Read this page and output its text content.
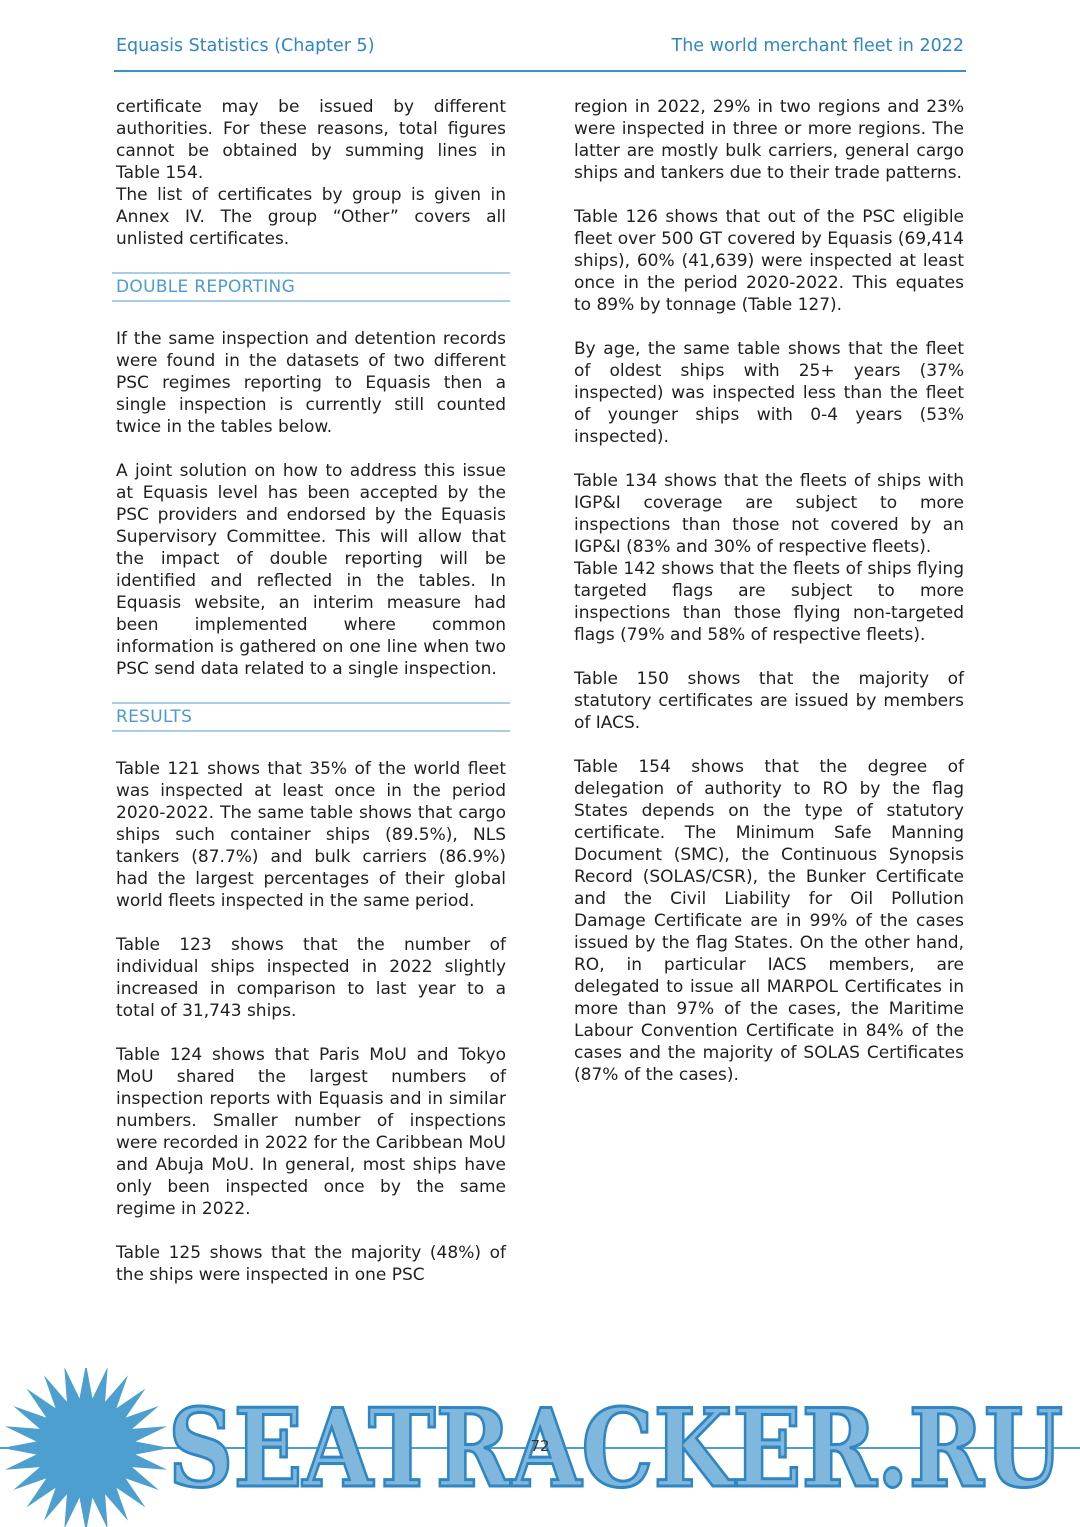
Equasis Statistics (Chapter 5)	The world merchant fleet in 2022

certificate may be issued by different authorities. For these reasons, total figures cannot be obtained by summing lines in Table 154.

The list of certificates by group is given in Annex IV. The group “Other” covers all unlisted certificates.

DOUBLE REPORTING

If the same inspection and detention records were found in the datasets of two different PSC regimes reporting to Equasis then a single inspection is currently still counted twice in the tables below.

A joint solution on how to address this issue at Equasis level has been accepted by the PSC providers and endorsed by the Equasis Supervisory Committee. This will allow that the impact of double reporting will be identified and reflected in the tables. In Equasis website, an interim measure had been implemented where common information is gathered on one line when two PSC send data related to a single inspection.

RESULTS

Table 121 shows that 35% of the world fleet was inspected at least once in the period 2020-2022. The same table shows that cargo ships such container ships (89.5%), NLS tankers (87.7%) and bulk carriers (86.9%) had the largest percentages of their global world fleets inspected in the same period.

Table 123 shows that the number of individual ships inspected in 2022 slightly increased in comparison to last year to a total of 31,743 ships.

Table 124 shows that Paris MoU and Tokyo MoU shared the largest numbers of inspection reports with Equasis and in similar numbers. Smaller number of inspections were recorded in 2022 for the Caribbean MoU and Abuja MoU. In general, most ships have only been inspected once by the same regime in 2022.

Table 125 shows that the majority (48%) of the ships were inspected in one PSC

region in 2022, 29% in two regions and 23% were inspected in three or more regions. The latter are mostly bulk carriers, general cargo ships and tankers due to their trade patterns.

Table 126 shows that out of the PSC eligible fleet over 500 GT covered by Equasis (69,414 ships), 60% (41,639) were inspected at least once in the period 2020-2022. This equates to 89% by tonnage (Table 127).

By age, the same table shows that the fleet of oldest ships with 25+ years (37% inspected) was inspected less than the fleet of younger ships with 0-4 years (53% inspected).

Table 134 shows that the fleets of ships with IGP&I coverage are subject to more inspections than those not covered by an IGP&I (83% and 30% of respective fleets).

Table 142 shows that the fleets of ships flying targeted flags are subject to more inspections than those flying non-targeted flags (79% and 58% of respective fleets).

Table 150 shows that the majority of statutory certificates are issued by members of IACS.

Table 154 shows that the degree of delegation of authority to RO by the flag States depends on the type of statutory certificate. The Minimum Safe Manning Document (SMC), the Continuous Synopsis Record (SOLAS/CSR), the Bunker Certificate and the Civil Liability for Oil Pollution Damage Certificate are in 99% of the cases issued by the flag States. On the other hand, RO, in particular IACS members, are delegated to issue all MARPOL Certificates in more than 97% of the cases, the Maritime Labour Convention Certificate in 84% of the cases and the majority of SOLAS Certificates (87% of the cases).

SEATRACKER.RU
72
